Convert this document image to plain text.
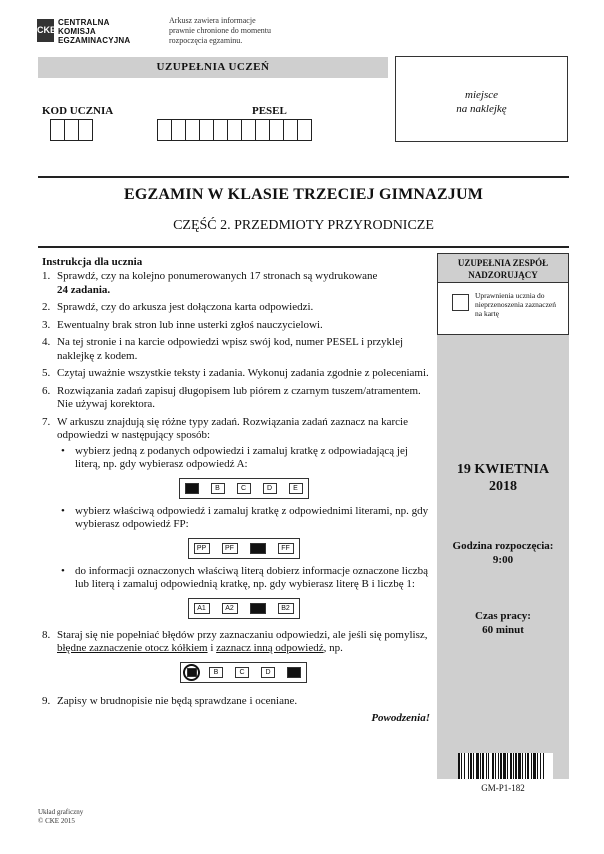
CKE
CENTRALNA
KOMISJA
EGZAMINACYJNA
Arkusz zawiera informacje
prawnie chronione do momentu
rozpoczęcia egzaminu.
UZUPEŁNIA UCZEŃ
miejsce
na naklejkę
KOD UCZNIA	PESEL
EGZAMIN W KLASIE TRZECIEJ GIMNAZJUM
CZĘŚĆ 2. PRZEDMIOTY PRZYRODNICZE
Instrukcja dla ucznia
1. Sprawdź, czy na kolejno ponumerowanych 17 stronach są wydrukowane
24 zadania.
2. Sprawdź, czy do arkusza jest dołączona karta odpowiedzi.
3. Ewentualny brak stron lub inne usterki zgłoś nauczycielowi.
4. Na tej stronie i na karcie odpowiedzi wpisz swój kod, numer PESEL i przyklej naklejkę z kodem.
5. Czytaj uważnie wszystkie teksty i zadania. Wykonuj zadania zgodnie z poleceniami.
6. Rozwiązania zadań zapisuj długopisem lub piórem z czarnym tuszem/atramentem. Nie używaj korektora.
7. W arkuszu znajdują się różne typy zadań. Rozwiązania zadań zaznacz na karcie odpowiedzi w następujący sposób:
• wybierz jedną z podanych odpowiedzi i zamaluj kratkę z odpowiadającą jej literą, np. gdy wybierasz odpowiedź A:
B	C	D	E
• wybierz właściwą odpowiedź i zamaluj kratkę z odpowiednimi literami, np. gdy wybierasz odpowiedź FP:
PP	PF	FF
• do informacji oznaczonych właściwą literą dobierz informacje oznaczone liczbą lub literą i zamaluj odpowiednią kratkę, np. gdy wybierasz literę B i liczbę 1:
A1	A2	B2
8. Staraj się nie popełniać błędów przy zaznaczaniu odpowiedzi, ale jeśli się pomylisz, błędne zaznaczenie otocz kółkiem i zaznacz inną odpowiedź, np.
B	C	D
9. Zapisy w brudnopisie nie będą sprawdzane i oceniane.
Powodzenia!
UZUPEŁNIA ZESPÓŁ NADZORUJĄCY
Uprawnienia ucznia do nieprzenoszenia zaznaczeń na kartę
19 KWIETNIA
2018
Godzina rozpoczęcia:
9:00
Czas pracy:
60 minut
GM-P1-182
Układ graficzny
© CKE 2015
